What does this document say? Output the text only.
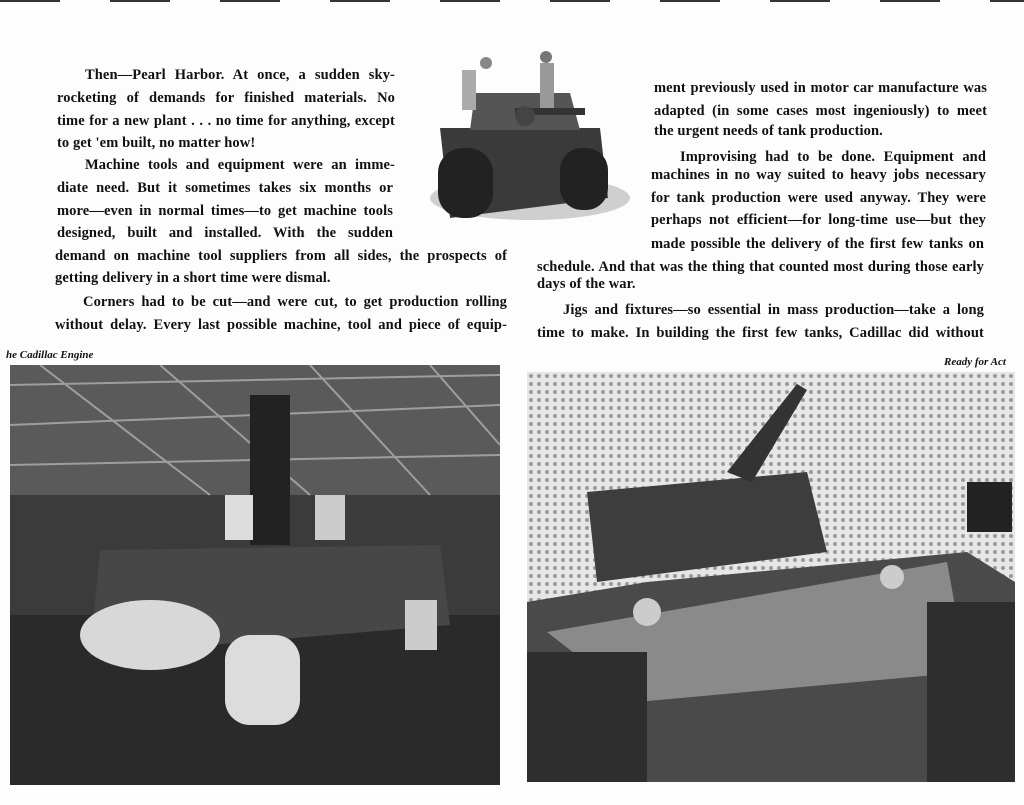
Then—Pearl Harbor. At once, a sudden sky-
rocketing of demands for finished materials. No
time for a new plant . . . no time for anything, except
to get 'em built, no matter how!
Machine tools and equipment were an imme-
diate need. But it sometimes takes six months or
more—even in normal times—to get machine tools
designed, built and installed. With the sudden
demand on machine tool suppliers from all sides, the prospects of
getting delivery in a short time were dismal.
Corners had to be cut—and were cut, to get production rolling
without delay. Every last possible machine, tool and piece of equip-
ment previously used in motor car manufacture was
adapted (in some cases most ingeniously) to meet
the urgent needs of tank production.
Improvising had to be done. Equipment and
machines in no way suited to heavy jobs necessary
for tank production were used anyway. They were
perhaps not efficient—for long-time use—but they
made possible the delivery of the first few tanks on
schedule. And that was the thing that counted most during those early
days of the war.
Jigs and fixtures—so essential in mass production—take a long
time to make. In building the first few tanks, Cadillac did without
he Cadillac Engine
Ready for Act
